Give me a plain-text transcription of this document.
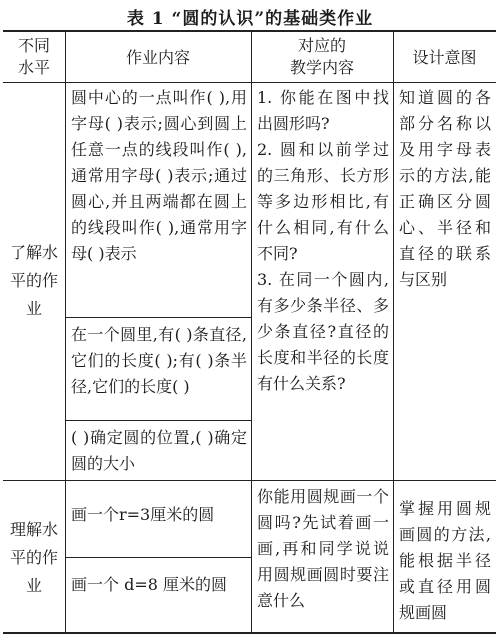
表 1 “圆的认识”的基础类作业
不同
水平
作业内容
对应的
教学内容
设计意图
了解水平的作业
圆中心的一点叫作( ),用字母( )表示;圆心到圆上任意一点的线段叫作( ),通常用字母( )表示;通过圆心,并且两端都在圆上的线段叫作( ),通常用字母( )表示
在一个圆里,有( )条直径,它们的长度( );有( )条半径,它们的长度( )
( )确定圆的位置,( )确定圆的大小
1. 你能在图中找出圆形吗?
2. 圆和以前学过的三角形、长方形等多边形相比,有什么相同,有什么不同?
3. 在同一个圆内,有多少条半径、多少条直径?直径的长度和半径的长度有什么关系?
知道圆的各部分名称以及用字母表示的方法,能正确区分圆心、半径和直径的联系与区别
理解水平的作业
画一个r=3厘米的圆
画一个 d=8 厘米的圆
你能用圆规画一个圆吗?先试着画一画,再和同学说说用圆规画圆时要注意什么
掌握用圆规画圆的方法,能根据半径或直径用圆规画圆
